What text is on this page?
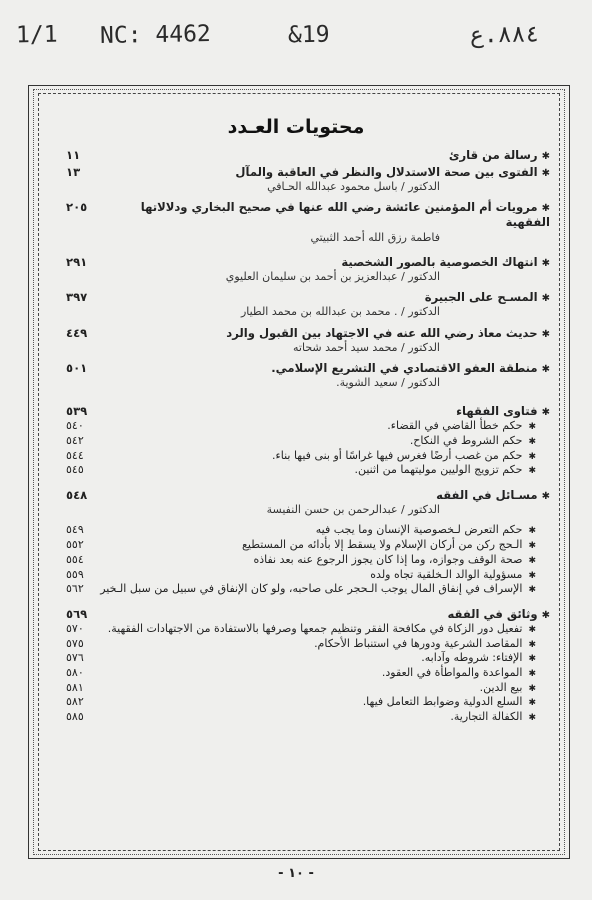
1/1 NC: 4462	&19	٨٨٤.ع
محتويات العـدد
✱رسالة من قارئ
١١
✱الفتوى بين صحة الاستدلال والنظر في العاقبة والمآل
١٣
الدكتور / باسل محمود عبدالله الحـافي
✱مرويات أم المؤمنين عائشة رضي الله عنها في صحيح البخاري ودلالاتها الفقهية
٢٠٥
فاطمة رزق الله أحمد الثبيتي
✱انتهاك الخصوصية بالصور الشخصية
٢٩١
الدكتور / عبدالعزيز بن أحمد بن سليمان العليوي
✱المسـح على الجبيرة
٣٩٧
الدكتور / . محمد بن عبدالله بن محمد الطيار
✱حديث معاذ رضي الله عنه في الاجتهاد بين القبول والرد
٤٤٩
الدكتور / محمد سيد أحمد شحاته
✱منطقة العفو الاقتصادي في التشريع الإسلامي.
٥٠١
الدكتور / سعيد الشوية.
✱فتاوى الفقهاء
٥٣٩
✱حكم خطأ القاضي في القضاء.
٥٤٠
✱حكم الشروط في النكاح.
٥٤٢
✱حكم من غصب أرضًا فغرس فيها غراسًا أو بنى فيها بناء.
٥٤٤
✱حكم تزويج الوليين موليتهما من اثنين.
٥٤٥
✱مسـائل في الفقه
٥٤٨
الدكتور / عبدالرحمن بن حسن النفيسة
✱حكم التعرض لـخصوصية الإنسان وما يجب فيه
٥٤٩
✱الـحج ركن من أركان الإسلام ولا يسقط إلا بأدائه من المستطيع
٥٥٢
✱صحة الوقف وجوازه، وما إذا كان يجوز الرجوع عنه بعد نفاذه
٥٥٤
✱مسؤولية الوالد الـخلقية تجاه ولده
٥٥٩
✱الإسراف في إنفاق المال يوجب الـحجر على صاحبه، ولو كان الإنفاق في سبيل من سبل الـخير
٥٦٢
✱وثائق في الفقه
٥٦٩
✱تفعيل دور الزكاة في مكافحة الفقر وتنظيم جمعها وصرفها بالاستفادة من الاجتهادات الفقهية.
٥٧٠
✱المقاصد الشرعية ودورها في استنباط الأحكام.
٥٧٥
✱الإفتاء: شروطه وآدابه.
٥٧٦
✱المواعدة والمواطأة في العقود.
٥٨٠
✱بيع الدين.
٥٨١
✱السلع الدولية وضوابط التعامل فيها.
٥٨٢
✱الكفالة التجارية.
٥٨٥
- ١٠ -
